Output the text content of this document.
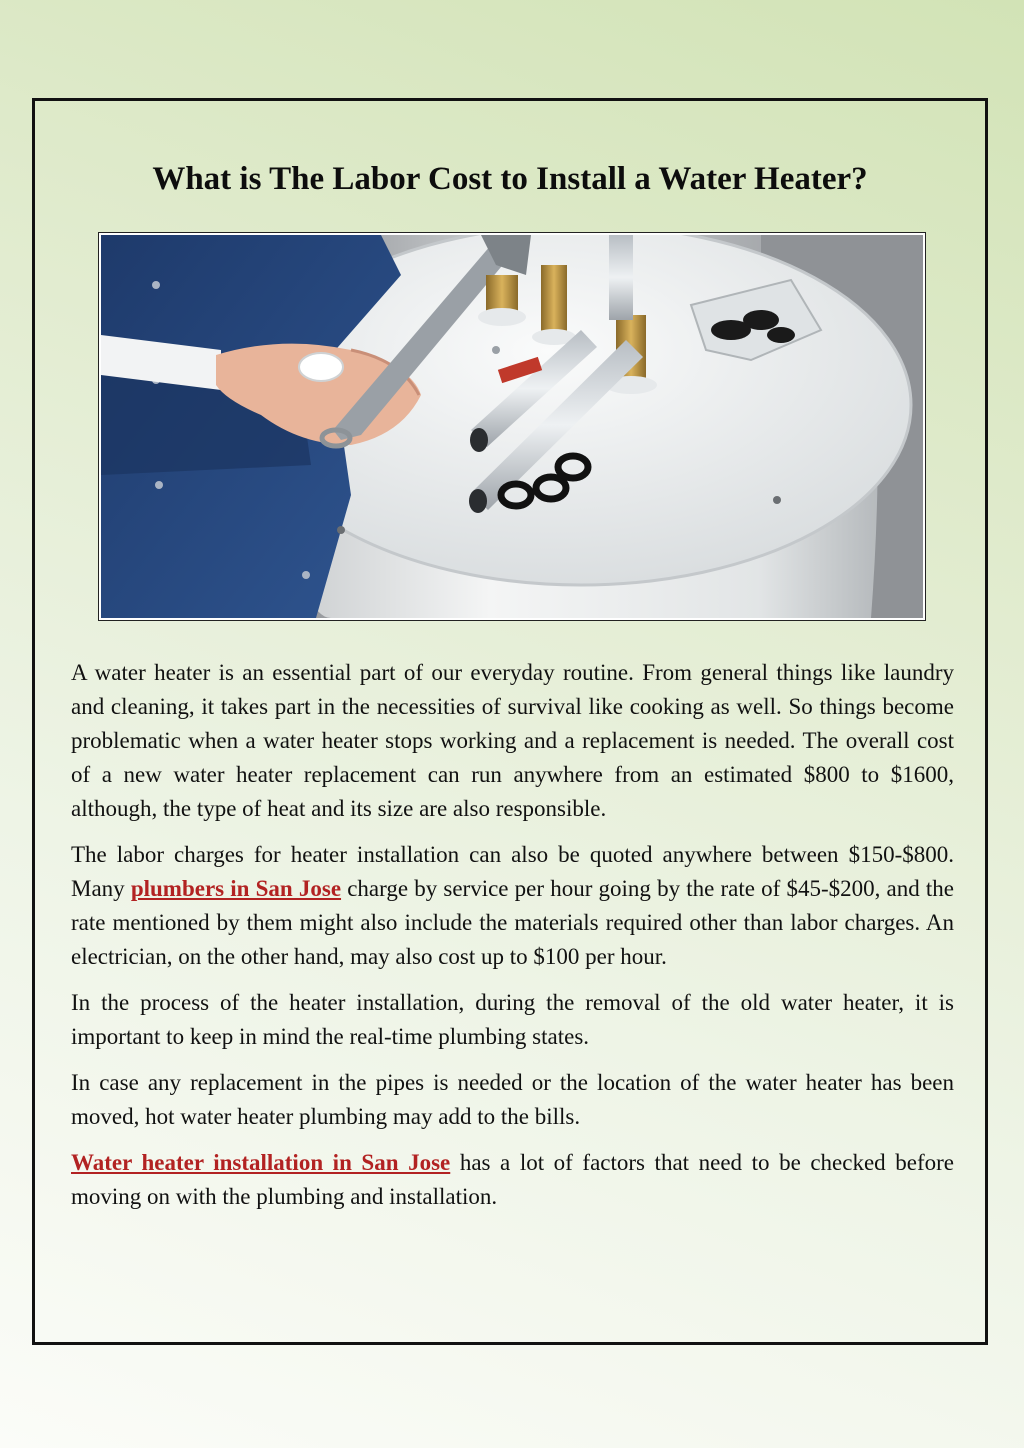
What is The Labor Cost to Install a Water Heater?

A water heater is an essential part of our everyday routine. From general things like laundry and cleaning, it takes part in the necessities of survival like cooking as well. So things become problematic when a water heater stops working and a replacement is needed. The overall cost of a new water heater replacement can run anywhere from an estimated $800 to $1600, although, the type of heat and its size are also responsible.

The labor charges for heater installation can also be quoted anywhere between $150-$800. Many plumbers in San Jose charge by service per hour going by the rate of $45-$200, and the rate mentioned by them might also include the materials required other than labor charges. An electrician, on the other hand, may also cost up to $100 per hour.

In the process of the heater installation, during the removal of the old water heater, it is important to keep in mind the real-time plumbing states.

In case any replacement in the pipes is needed or the location of the water heater has been moved, hot water heater plumbing may add to the bills.

Water heater installation in San Jose has a lot of factors that need to be checked before moving on with the plumbing and installation.
